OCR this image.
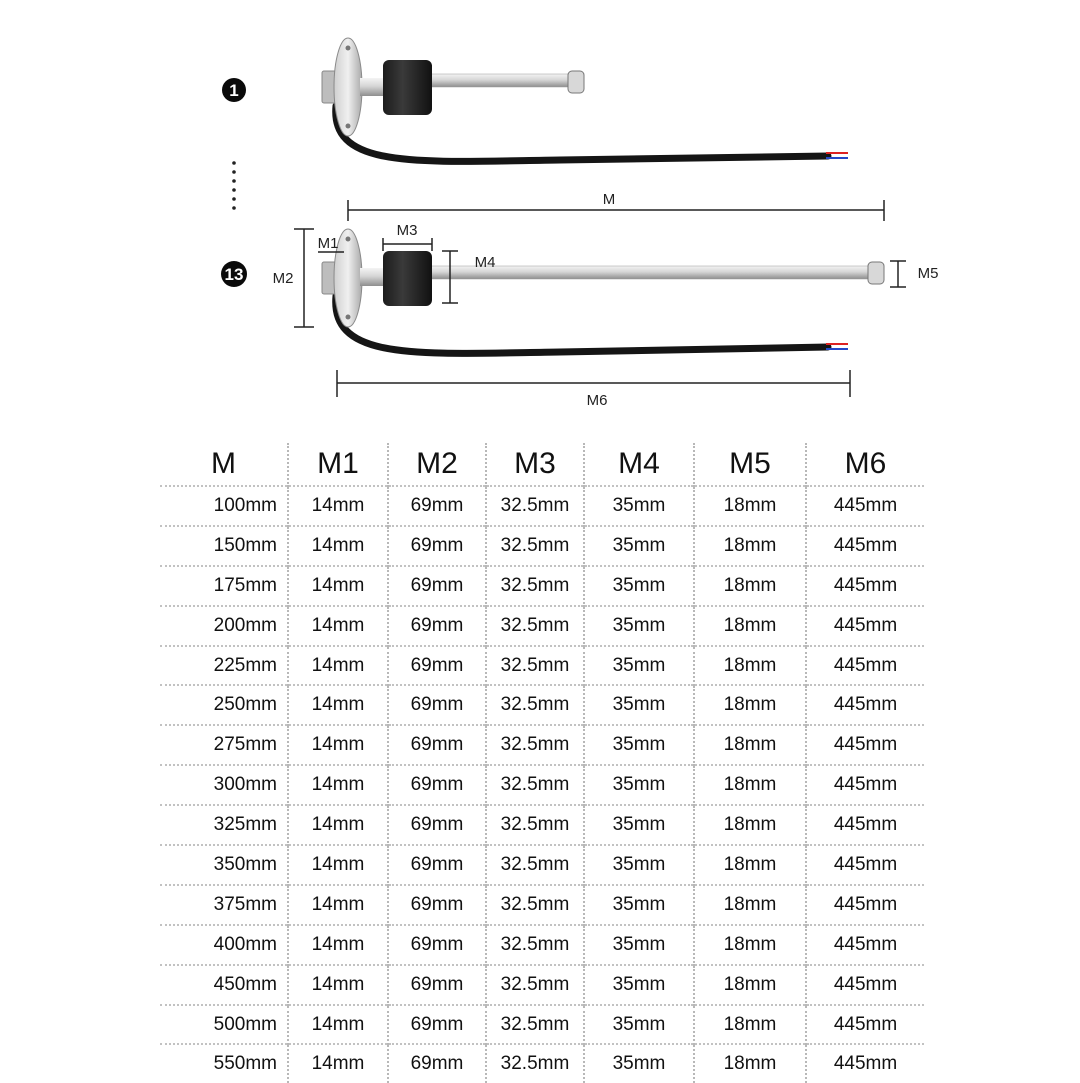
1
M
13
M1
M2
M3
M4
M5
M6
M	M1	M2	M3	M4	M5	M6
100mm	14mm	69mm	32.5mm	35mm	18mm	445mm
150mm	14mm	69mm	32.5mm	35mm	18mm	445mm
175mm	14mm	69mm	32.5mm	35mm	18mm	445mm
200mm	14mm	69mm	32.5mm	35mm	18mm	445mm
225mm	14mm	69mm	32.5mm	35mm	18mm	445mm
250mm	14mm	69mm	32.5mm	35mm	18mm	445mm
275mm	14mm	69mm	32.5mm	35mm	18mm	445mm
300mm	14mm	69mm	32.5mm	35mm	18mm	445mm
325mm	14mm	69mm	32.5mm	35mm	18mm	445mm
350mm	14mm	69mm	32.5mm	35mm	18mm	445mm
375mm	14mm	69mm	32.5mm	35mm	18mm	445mm
400mm	14mm	69mm	32.5mm	35mm	18mm	445mm
450mm	14mm	69mm	32.5mm	35mm	18mm	445mm
500mm	14mm	69mm	32.5mm	35mm	18mm	445mm
550mm	14mm	69mm	32.5mm	35mm	18mm	445mm
